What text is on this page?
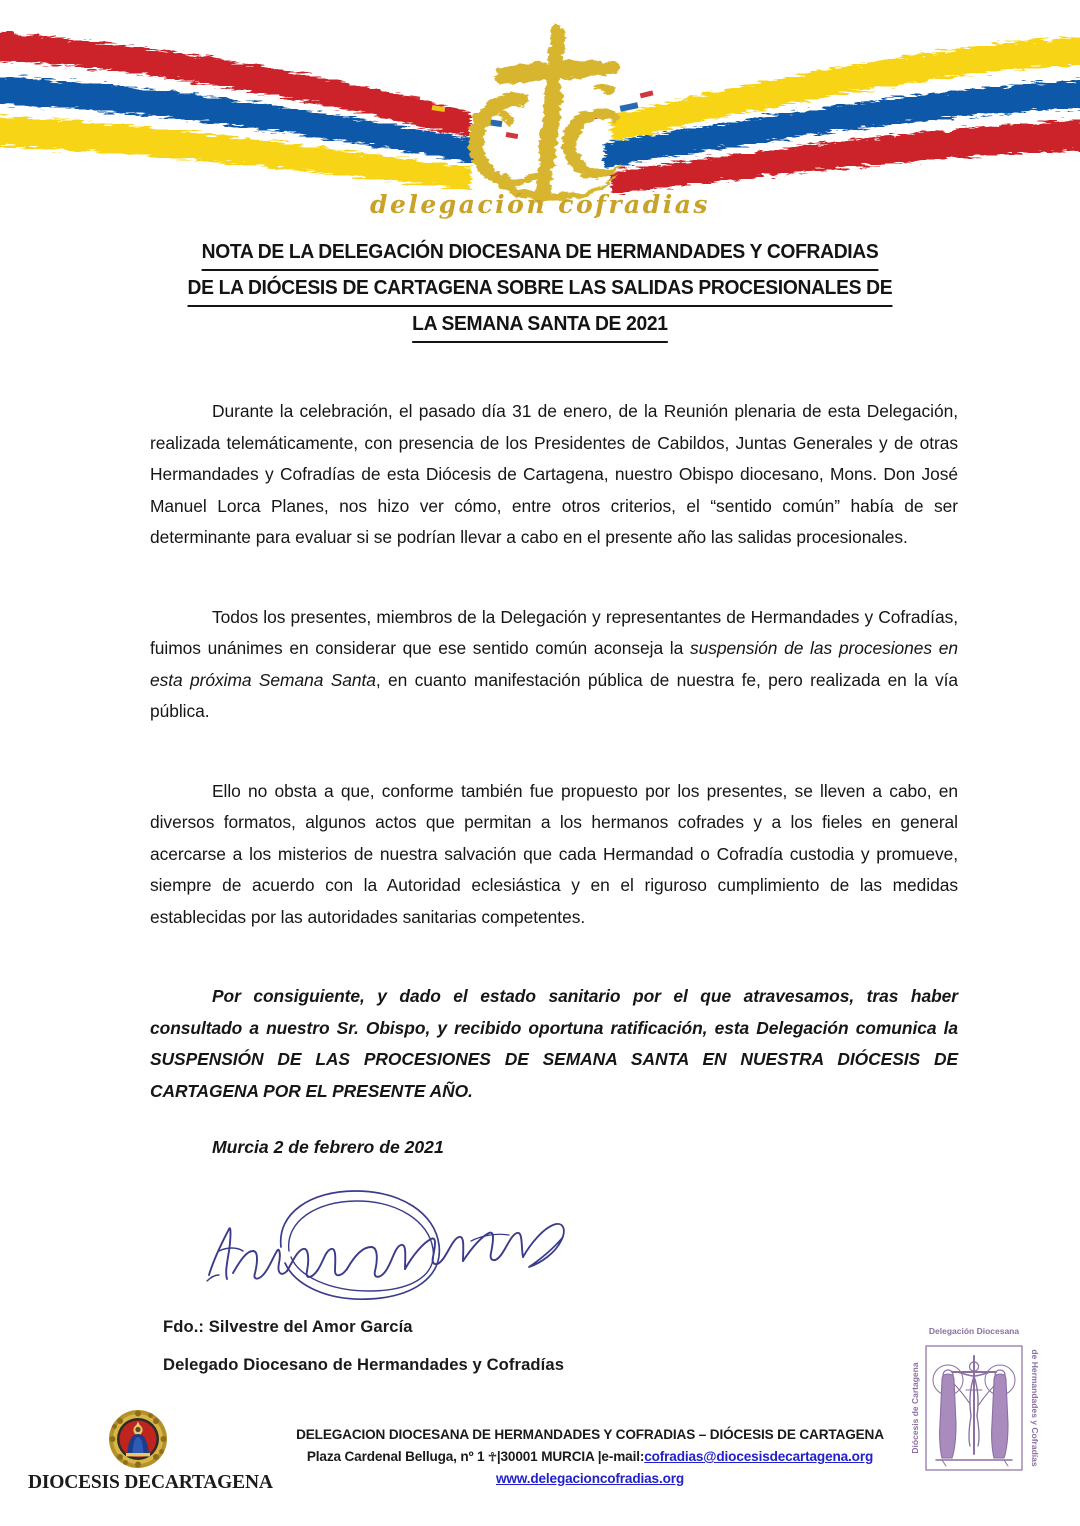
delegación cofradias
NOTA DE LA DELEGACIÓN DIOCESANA DE HERMANDADES Y COFRADIAS
DE LA DIÓCESIS DE CARTAGENA SOBRE LAS SALIDAS PROCESIONALES DE
LA SEMANA SANTA DE 2021

Durante la celebración, el pasado día 31 de enero, de la Reunión plenaria de esta Delegación, realizada telemáticamente, con presencia de los Presidentes de Cabildos, Juntas Generales y de otras Hermandades y Cofradías de esta Diócesis de Cartagena, nuestro Obispo diocesano, Mons. Don José Manuel Lorca Planes, nos hizo ver cómo, entre otros criterios, el “sentido común” había de ser determinante para evaluar si se podrían llevar a cabo en el presente año las salidas procesionales.

Todos los presentes, miembros de la Delegación y representantes de Hermandades y Cofradías, fuimos unánimes en considerar que ese sentido común aconseja la suspensión de las procesiones en esta próxima Semana Santa, en cuanto manifestación pública de nuestra fe, pero realizada en la vía pública.

Ello no obsta a que, conforme también fue propuesto por los presentes, se lleven a cabo, en diversos formatos, algunos actos que permitan a los hermanos cofrades y a los fieles en general acercarse a los misterios de nuestra salvación que cada Hermandad o Cofradía custodia y promueve, siempre de acuerdo con la Autoridad eclesiástica y en el riguroso cumplimiento de las medidas establecidas por las autoridades sanitarias competentes.

Por consiguiente, y dado el estado sanitario por el que atravesamos, tras haber consultado a nuestro Sr. Obispo, y recibido oportuna ratificación, esta Delegación comunica la SUSPENSIÓN DE LAS PROCESIONES DE SEMANA SANTA EN NUESTRA DIÓCESIS DE CARTAGENA POR EL PRESENTE AÑO.

Murcia 2 de febrero de 2021

Fdo.: Silvestre del Amor García
Delegado Diocesano de Hermandades y Cofradías
DIOCESIS DECARTAGENA
DELEGACION DIOCESANA DE HERMANDADES Y COFRADIAS – DIÓCESIS DE CARTAGENA
Plaza Cardenal Belluga, nº 1 ☥|30001 MURCIA |e-mail:cofradias@diocesisdecartagena.org
www.delegacioncofradias.org
Delegación Diocesana
de Hermandades y Cofradías
Diócesis de Cartagena
